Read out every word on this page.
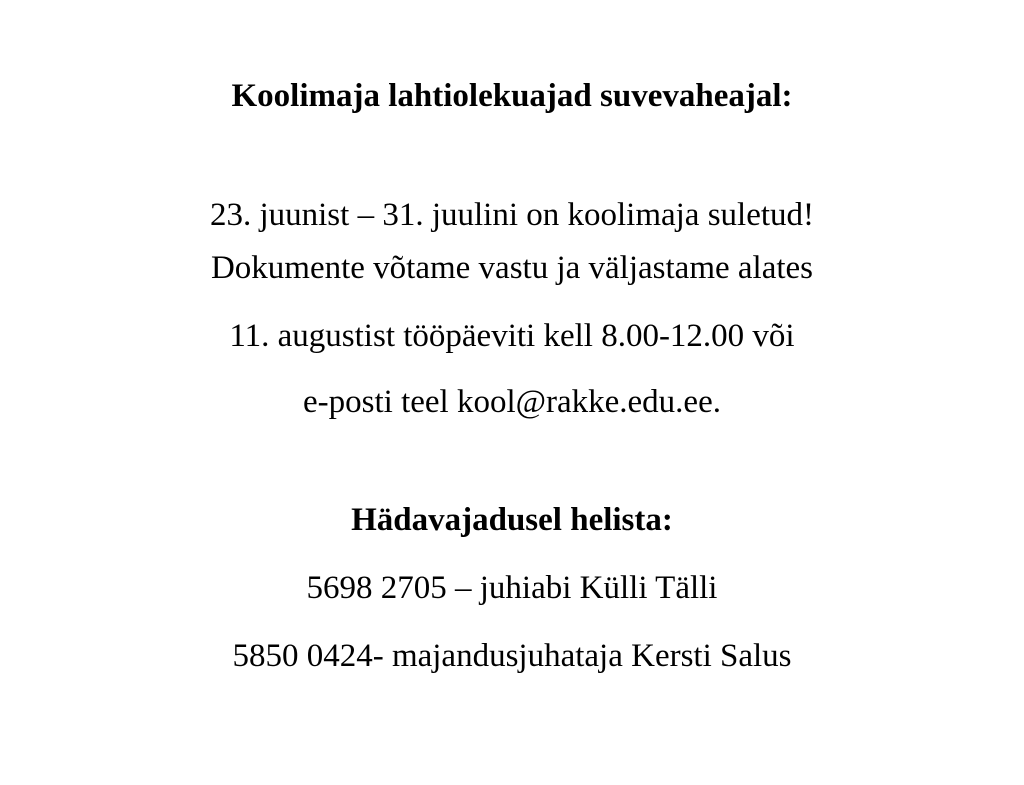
Koolimaja lahtiolekuajad suvevaheajal:
23. juunist – 31. juulini on koolimaja suletud!
Dokumente võtame vastu ja väljastame alates
11. augustist tööpäeviti kell 8.00-12.00 või
e-posti teel kool@rakke.edu.ee.
Hädavajadusel helista:
5698 2705 – juhiabi Külli Tälli
5850 0424- majandusjuhataja Kersti Salus
